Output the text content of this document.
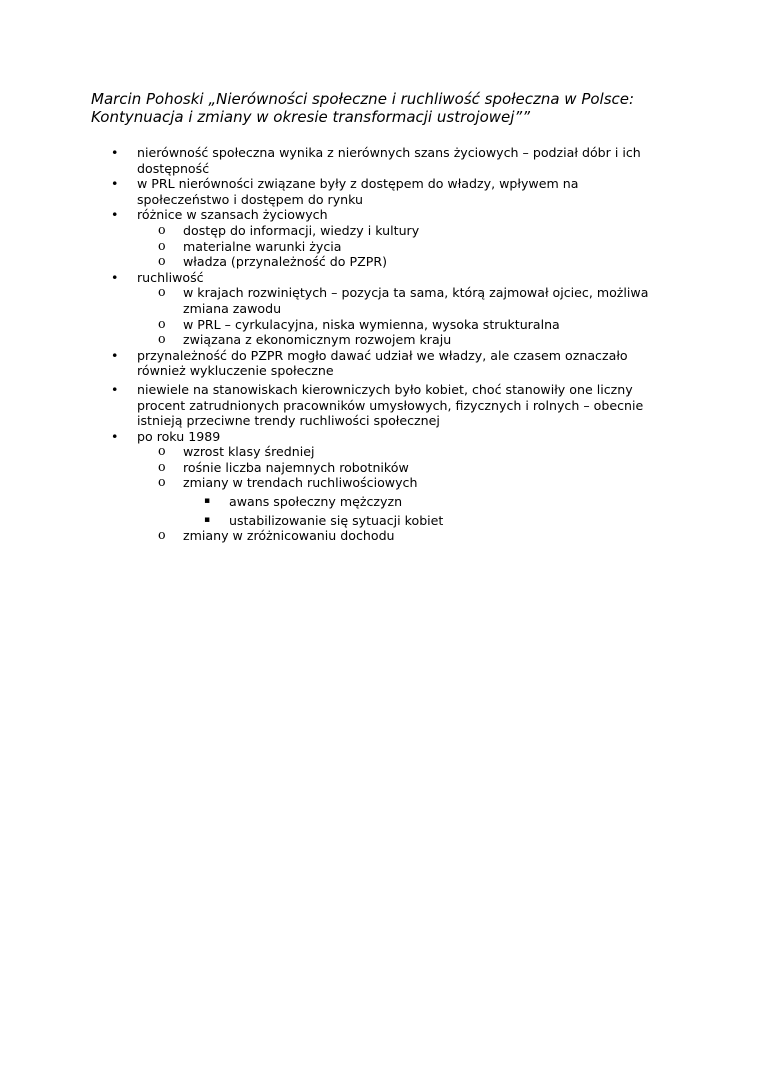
Marcin Pohoski „Nierówności społeczne i ruchliwość społeczna w Polsce: Kontynuacja i zmiany w okresie transformacji ustrojowej””

• nierówność społeczna wynika z nierównych szans życiowych – podział dóbr i ich dostępność
• w PRL nierówności związane były z dostępem do władzy, wpływem na społeczeństwo i dostępem do rynku
• różnice w szansach życiowych
o dostęp do informacji, wiedzy i kultury
o materialne warunki życia
o władza (przynależność do PZPR)
• ruchliwość
o w krajach rozwiniętych – pozycja ta sama, którą zajmował ojciec, możliwa zmiana zawodu
o w PRL – cyrkulacyjna, niska wymienna, wysoka strukturalna
o związana z ekonomicznym rozwojem kraju
• przynależność do PZPR mogło dawać udział we władzy, ale czasem oznaczało również wykluczenie społeczne
• niewiele na stanowiskach kierowniczych było kobiet, choć stanowiły one liczny procent zatrudnionych pracowników umysłowych, fizycznych i rolnych – obecnie istnieją przeciwne trendy ruchliwości społecznej
• po roku 1989
o wzrost klasy średniej
o rośnie liczba najemnych robotników
o zmiany w trendach ruchliwościowych
▪ awans społeczny mężczyzn
▪ ustabilizowanie się sytuacji kobiet
o zmiany w zróżnicowaniu dochodu
